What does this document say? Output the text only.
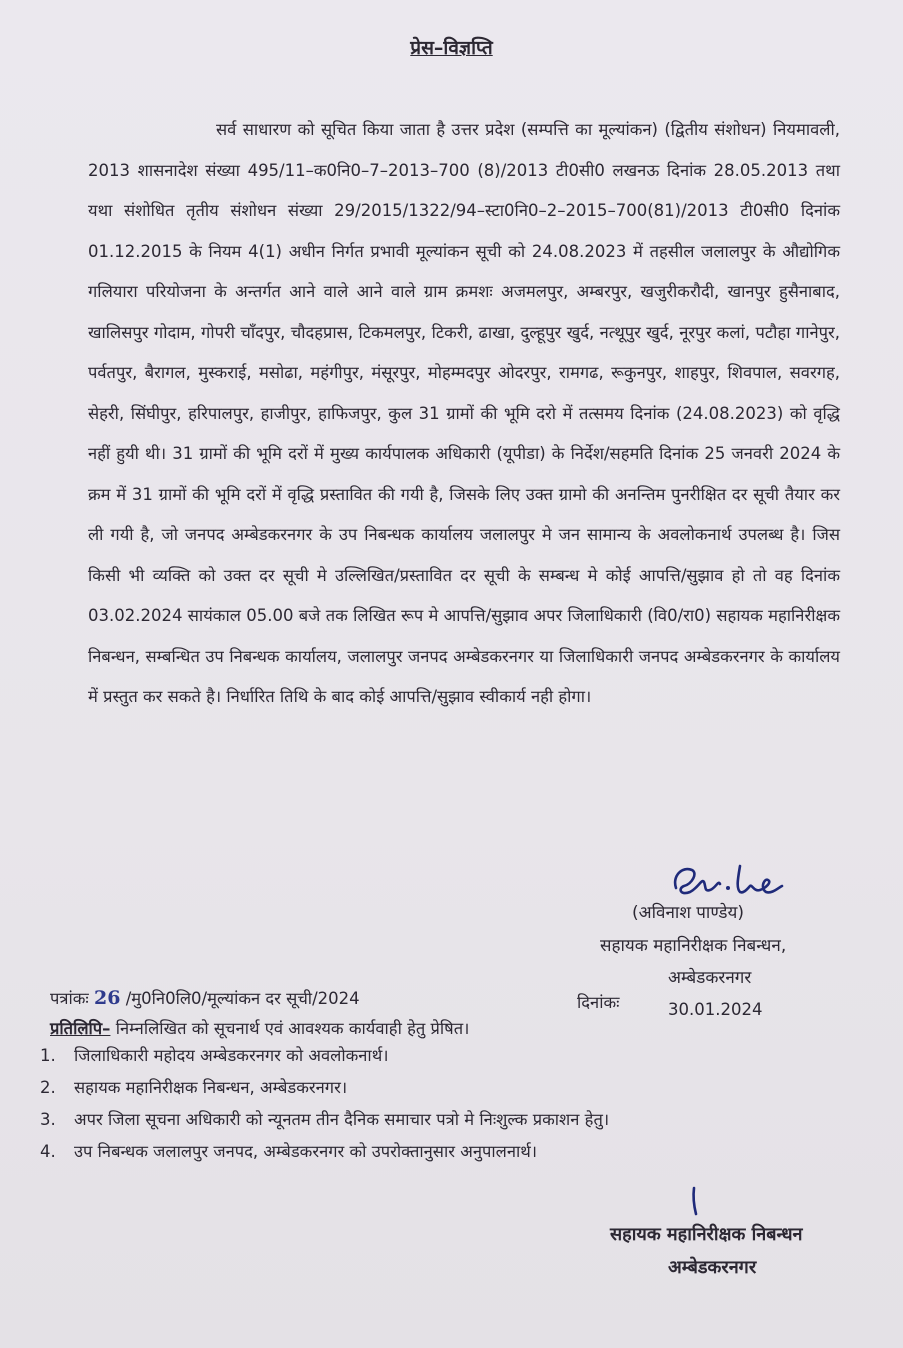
प्रेस–विज्ञप्ति

सर्व साधारण को सूचित किया जाता है उत्तर प्रदेश (सम्पत्ति का मूल्यांकन) (द्वितीय संशोधन) नियमावली, 2013 शासनादेश संख्या 495/11–क0नि0–7–2013–700 (8)/2013 टी0सी0 लखनऊ दिनांक 28.05.2013 तथा यथा संशोधित तृतीय संशोधन संख्या 29/2015/1322/94–स्टा0नि0–2–2015–700(81)/2013 टी0सी0 दिनांक 01.12.2015 के नियम 4(1) अधीन निर्गत प्रभावी मूल्यांकन सूची को 24.08.2023 में तहसील जलालपुर के औद्योगिक गलियारा परियोजना के अन्तर्गत आने वाले आने वाले ग्राम क्रमशः अजमलपुर, अम्बरपुर, खजुरीकरौदी, खानपुर हुसैनाबाद, खालिसपुर गोदाम, गोपरी चाँदपुर, चौदहप्रास, टिकमलपुर, टिकरी, ढाखा, दुल्हूपुर खुर्द, नत्थूपुर खुर्द, नूरपुर कलां, पटौहा गानेपुर, पर्वतपुर, बैरागल, मुस्कराई, मसोढा, महंगीपुर, मंसूरपुर, मोहम्मदपुर ओदरपुर, रामगढ, रूकुनपुर, शाहपुर, शिवपाल, सवरगह, सेहरी, सिंघीपुर, हरिपालपुर, हाजीपुर, हाफिजपुर, कुल 31 ग्रामों की भूमि दरो में तत्समय दिनांक (24.08.2023) को वृद्धि नहीं हुयी थी। 31 ग्रामों की भूमि दरों में मुख्य कार्यपालक अधिकारी (यूपीडा) के निर्देश/सहमति दिनांक 25 जनवरी 2024 के क्रम में 31 ग्रामों की भूमि दरों में वृद्धि प्रस्तावित की गयी है, जिसके लिए उक्त ग्रामो की अनन्तिम पुनरीक्षित दर सूची तैयार कर ली गयी है, जो जनपद अम्बेडकरनगर के उप निबन्धक कार्यालय जलालपुर मे जन सामान्य के अवलोकनार्थ उपलब्ध है। जिस किसी भी व्यक्ति को उक्त दर सूची मे उल्लिखित/प्रस्तावित दर सूची के सम्बन्ध मे कोई आपत्ति/सुझाव हो तो वह दिनांक 03.02.2024 सायंकाल 05.00 बजे तक लिखित रूप मे आपत्ति/सुझाव अपर जिलाधिकारी (वि0/रा0) सहायक महानिरीक्षक निबन्धन, सम्बन्धित उप निबन्धक कार्यालय, जलालपुर जनपद अम्बेडकरनगर या जिलाधिकारी जनपद अम्बेडकरनगर के कार्यालय में प्रस्तुत कर सकते है। निर्धारित तिथि के बाद कोई आपत्ति/सुझाव स्वीकार्य नही होगा।

(अविनाश पाण्डेय)
सहायक महानिरीक्षक निबन्धन,
अम्बेडकरनगर
पत्रांकः 26 /मु0नि0लि0/मूल्यांकन दर सूची/2024	दिनांकः	30.01.2024
प्रतिलिपि– निम्नलिखित को सूचनार्थ एवं आवश्यक कार्यवाही हेतु प्रेषित।
1. जिलाधिकारी महोदय अम्बेडकरनगर को अवलोकनार्थ।
2. सहायक महानिरीक्षक निबन्धन, अम्बेडकरनगर।
3. अपर जिला सूचना अधिकारी को न्यूनतम तीन दैनिक समाचार पत्रो मे निःशुल्क प्रकाशन हेतु।
4. उप निबन्धक जलालपुर जनपद, अम्बेडकरनगर को उपरोक्तानुसार अनुपालनार्थ।
सहायक महानिरीक्षक निबन्धन
अम्बेडकरनगर
